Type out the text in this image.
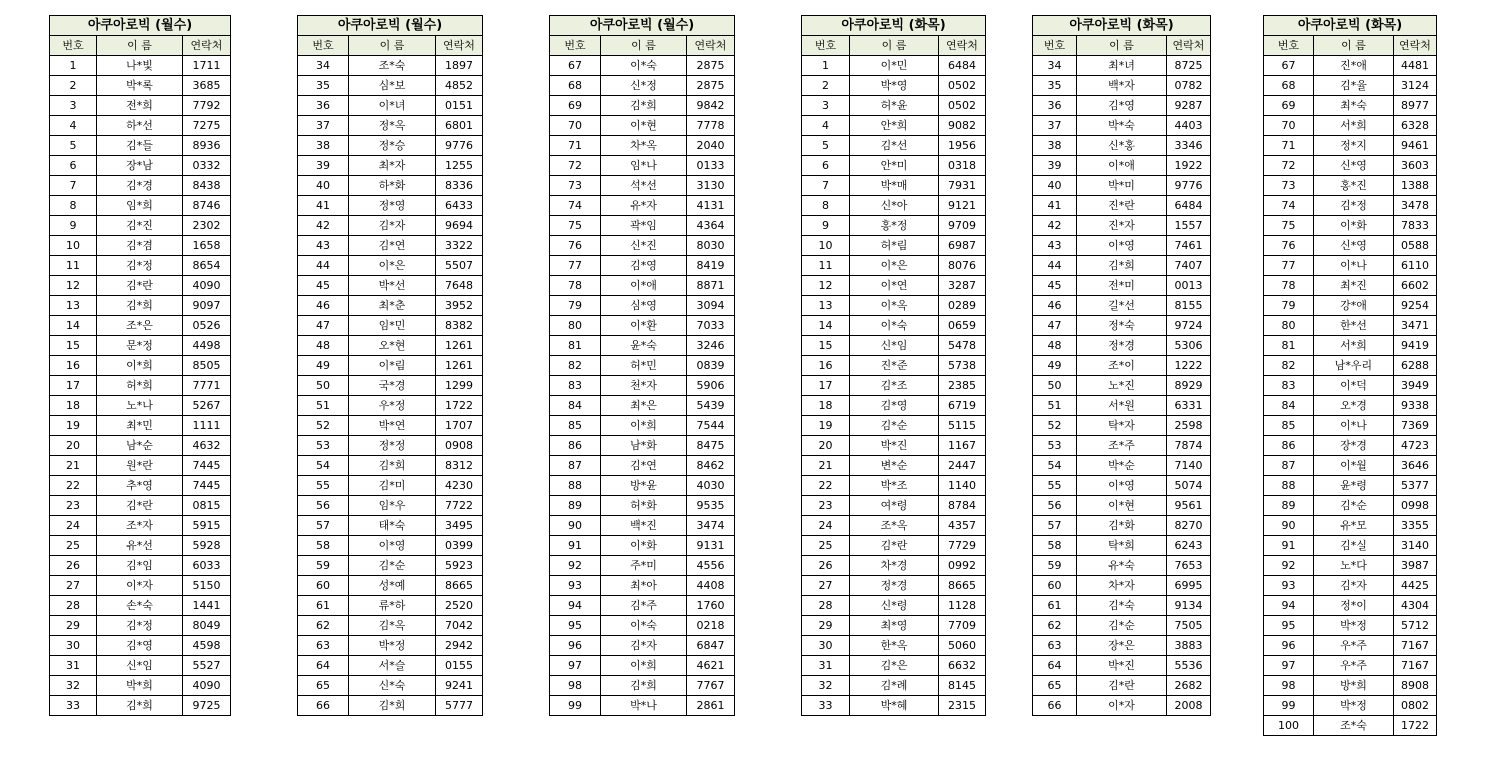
아쿠아로빅 (월수)		
번호	이 름	연락처
1	나*빛	1711
2	박*록	3685
3	전*희	7792
4	하*선	7275
5	김*들	8936
6	장*남	0332
7	김*경	8438
8	임*희	8746
9	김*진	2302
10	김*겸	1658
11	김*정	8654
12	김*란	4090
13	김*희	9097
14	조*은	0526
15	문*정	4498
16	이*희	8505
17	허*희	7771
18	노*나	5267
19	최*민	1111
20	남*순	4632
21	원*란	7445
22	추*영	7445
23	김*란	0815
24	조*자	5915
25	유*선	5928
26	김*임	6033
27	이*자	5150
28	손*숙	1441
29	김*정	8049
30	김*영	4598
31	신*임	5527
32	박*희	4090
33	김*희	9725
아쿠아로빅 (월수)		
번호	이 름	연락처
34	조*숙	1897
35	심*보	4852
36	이*녀	0151
37	정*옥	6801
38	정*승	9776
39	최*자	1255
40	하*화	8336
41	정*영	6433
42	김*자	9694
43	김*연	3322
44	이*은	5507
45	박*선	7648
46	최*춘	3952
47	임*민	8382
48	오*현	1261
49	이*림	1261
50	국*경	1299
51	우*정	1722
52	박*연	1707
53	정*정	0908
54	김*희	8312
55	김*미	4230
56	임*우	7722
57	태*숙	3495
58	이*영	0399
59	김*순	5923
60	성*예	8665
61	류*하	2520
62	김*옥	7042
63	박*정	2942
64	서*슬	0155
65	신*숙	9241
66	김*희	5777
아쿠아로빅 (월수)		
번호	이 름	연락처
67	이*숙	2875
68	신*정	2875
69	김*희	9842
70	이*현	7778
71	차*옥	2040
72	임*나	0133
73	석*선	3130
74	유*자	4131
75	곽*임	4364
76	신*진	8030
77	김*영	8419
78	이*애	8871
79	심*영	3094
80	이*환	7033
81	윤*숙	3246
82	허*민	0839
83	천*자	5906
84	최*은	5439
85	이*희	7544
86	남*화	8475
87	김*연	8462
88	방*윤	4030
89	허*화	9535
90	백*진	3474
91	이*화	9131
92	주*미	4556
93	최*아	4408
94	김*주	1760
95	이*숙	0218
96	김*자	6847
97	이*희	4621
98	김*희	7767
99	박*나	2861
아쿠아로빅 (화목)		
번호	이 름	연락처
1	이*민	6484
2	박*영	0502
3	허*윤	0502
4	안*희	9082
5	김*선	1956
6	안*미	0318
7	박*매	7931
8	신*아	9121
9	홍*정	9709
10	허*림	6987
11	이*은	8076
12	이*연	3287
13	이*옥	0289
14	이*숙	0659
15	신*임	5478
16	진*준	5738
17	김*조	2385
18	김*영	6719
19	김*순	5115
20	박*진	1167
21	변*순	2447
22	박*조	1140
23	여*령	8784
24	조*옥	4357
25	김*란	7729
26	차*경	0992
27	정*경	8665
28	신*령	1128
29	최*영	7709
30	한*옥	5060
31	김*은	6632
32	김*례	8145
33	박*혜	2315
아쿠아로빅 (화목)		
번호	이 름	연락처
34	최*녀	8725
35	백*자	0782
36	김*영	9287
37	박*숙	4403
38	신*홍	3346
39	이*애	1922
40	박*미	9776
41	진*란	6484
42	진*자	1557
43	이*영	7461
44	김*희	7407
45	전*미	0013
46	길*선	8155
47	정*숙	9724
48	정*경	5306
49	조*이	1222
50	노*진	8929
51	서*원	6331
52	탁*자	2598
53	조*주	7874
54	박*순	7140
55	이*영	5074
56	이*현	9561
57	김*화	8270
58	탁*희	6243
59	유*숙	7653
60	차*자	6995
61	김*숙	9134
62	김*순	7505
63	장*은	3883
64	박*진	5536
65	김*란	2682
66	이*자	2008
아쿠아로빅 (화목)		
번호	이 름	연락처
67	진*애	4481
68	김*율	3124
69	최*숙	8977
70	서*희	6328
71	정*지	9461
72	신*영	3603
73	홍*진	1388
74	김*정	3478
75	이*화	7833
76	신*영	0588
77	이*나	6110
78	최*진	6602
79	강*애	9254
80	한*선	3471
81	서*희	9419
82	남*우리	6288
83	이*덕	3949
84	오*경	9338
85	이*나	7369
86	장*경	4723
87	이*월	3646
88	윤*령	5377
89	김*순	0998
90	유*모	3355
91	김*실	3140
92	노*다	3987
93	김*자	4425
94	정*이	4304
95	박*정	5712
96	우*주	7167
97	우*주	7167
98	방*희	8908
99	박*정	0802
100	조*숙	1722
